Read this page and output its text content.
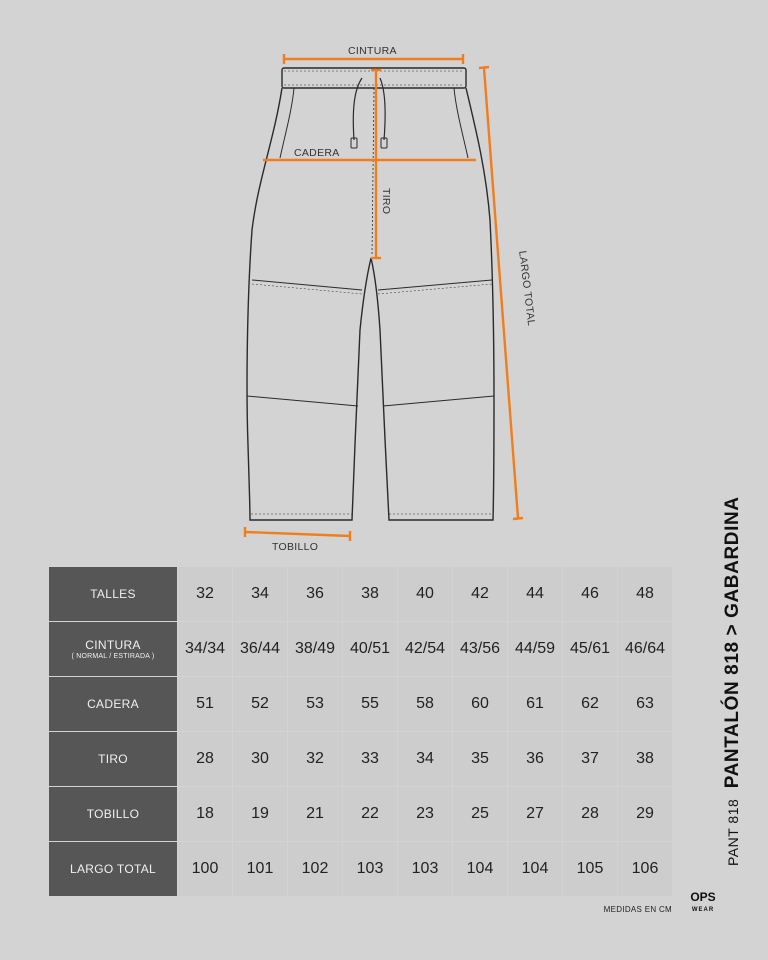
CINTURA
CADERA
TIRO
LARGO TOTAL
TOBILLO
TALLES	32	34	36	38	40	42	44	46	48
CINTURA
( NORMAL / ESTIRADA )	34/34	36/44	38/49	40/51	42/54	43/56	44/59	45/61	46/64
CADERA	51	52	53	55	58	60	61	62	63
TIRO	28	30	32	33	34	35	36	37	38
TOBILLO	18	19	21	22	23	25	27	28	29
LARGO TOTAL	100	101	102	103	103	104	104	105	106
PANT 818 PANTALÓN 818 > GABARDINA
OPS
WEAR
MEDIDAS EN CM
